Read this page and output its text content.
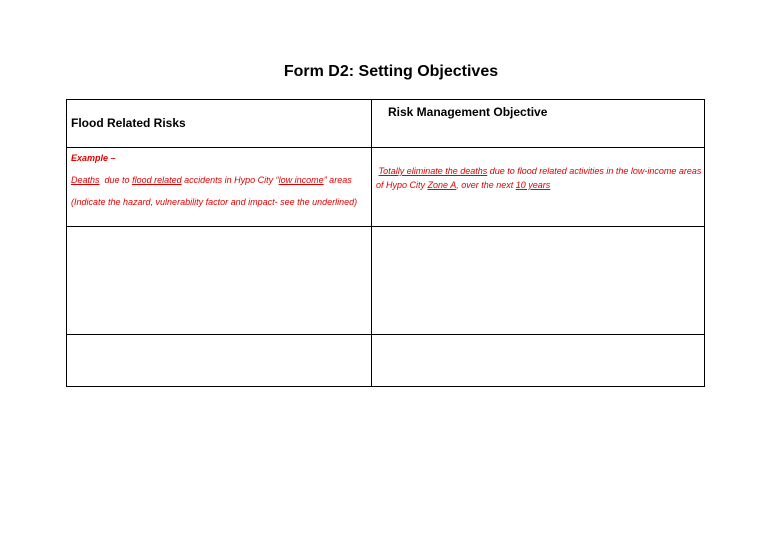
Form D2: Setting Objectives
Flood Related Risks	Risk Management Objective

Example –
Deaths  due to flood related accidents in Hypo City “low income” areas
(Indicate the hazard, vulnerability factor and impact- see the underlined)	Totally eliminate the deaths due to flood related activities in the low-income areas of Hypo City Zone A, over the next 10 years
